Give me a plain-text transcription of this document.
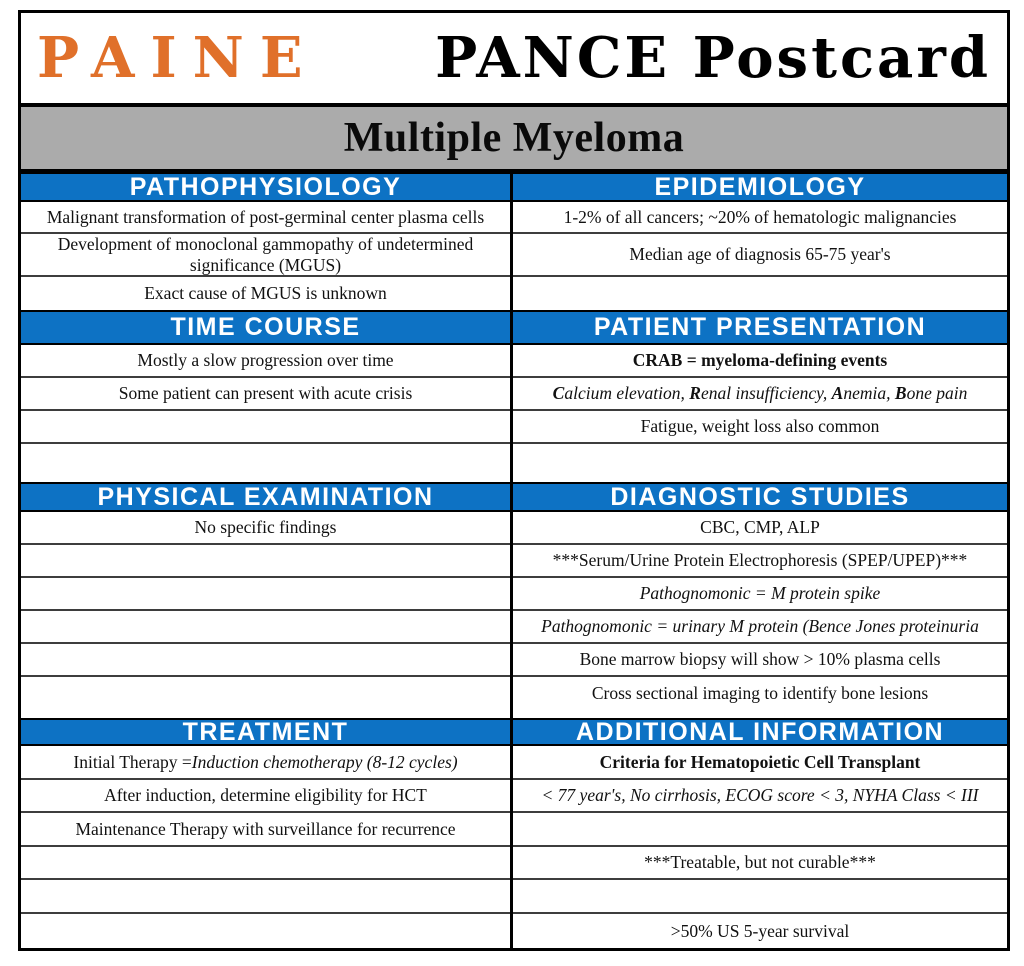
PAINE PANCE Postcard
Multiple Myeloma
PATHOPHYSIOLOGY
Malignant transformation of post-germinal center plasma cells
Development of monoclonal gammopathy of undetermined significance (MGUS)
Exact cause of MGUS is unknown
TIME COURSE
Mostly a slow progression over time
Some patient can present with acute crisis
PHYSICAL EXAMINATION
No specific findings
TREATMENT
Initial Therapy = Induction chemotherapy (8-12 cycles)
After induction, determine eligibility for HCT
Maintenance Therapy with surveillance for recurrence
EPIDEMIOLOGY
1-2% of all cancers; ~20% of hematologic malignancies
Median age of diagnosis 65-75 year's
PATIENT PRESENTATION
CRAB = myeloma-defining events
Calcium elevation, Renal insufficiency, Anemia, Bone pain
Fatigue, weight loss also common
DIAGNOSTIC STUDIES
CBC, CMP, ALP
***Serum/Urine Protein Electrophoresis (SPEP/UPEP)***
Pathognomonic = M protein spike
Pathognomonic = urinary M protein (Bence Jones proteinuria
Bone marrow biopsy will show > 10% plasma cells
Cross sectional imaging to identify bone lesions
ADDITIONAL INFORMATION
Criteria for Hematopoietic Cell Transplant
< 77 year's, No cirrhosis, ECOG score < 3, NYHA Class < III
***Treatable, but not curable***
>50% US 5-year survival
